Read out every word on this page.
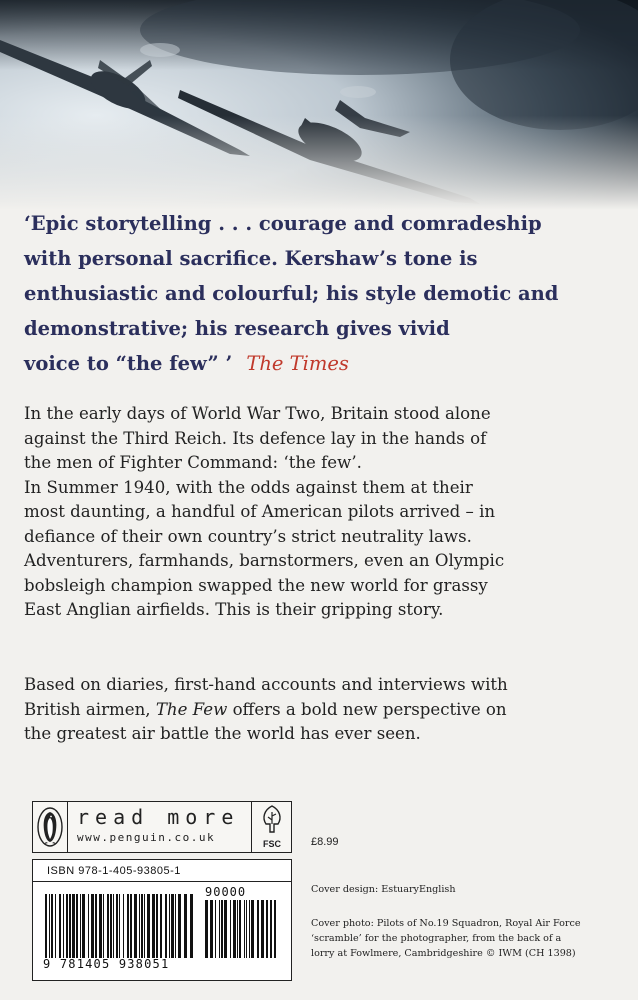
‘Epic storytelling . . . courage and comradeship
with personal sacrifice. Kershaw’s tone is
enthusiastic and colourful; his style demotic and
demonstrative; his research gives vivid
voice to “the few” ’ The Times
In the early days of World War Two, Britain stood alone
against the Third Reich. Its defence lay in the hands of
the men of Fighter Command: ‘the few’.
In Summer 1940, with the odds against them at their
most daunting, a handful of American pilots arrived – in
defiance of their own country’s strict neutrality laws.
Adventurers, farmhands, barnstormers, even an Olympic
bobsleigh champion swapped the new world for grassy
East Anglian airfields. This is their gripping story.
Based on diaries, first-hand accounts and interviews with
British airmen, The Few offers a bold new perspective on
the greatest air battle the world has ever seen.
read more
www.penguin.co.uk	FSC	£8.99
ISBN 978-1-405-93805-1
90000
9 781405 938051
Cover design: EstuaryEnglish
Cover photo: Pilots of No.19 Squadron, Royal Air Force
‘scramble’ for the photographer, from the back of a
lorry at Fowlmere, Cambridgeshire © IWM (CH 1398)
